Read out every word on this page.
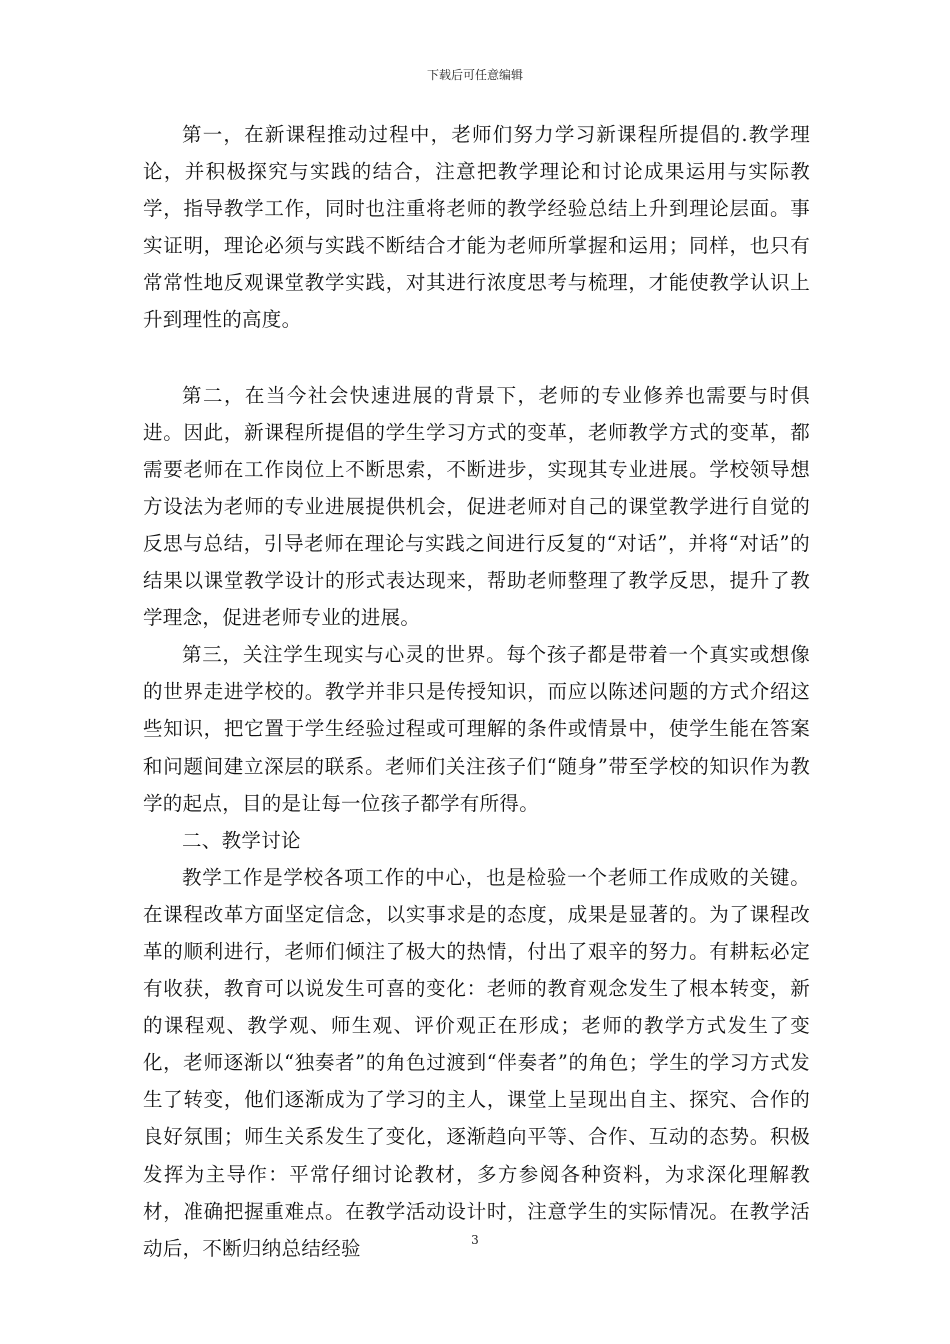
下载后可任意编辑

第一，在新课程推动过程中，老师们努力学习新课程所提倡的.教学理论，并积极探究与实践的结合，注意把教学理论和讨论成果运用与实际教学，指导教学工作，同时也注重将老师的教学经验总结上升到理论层面。事实证明，理论必须与实践不断结合才能为老师所掌握和运用；同样，也只有常常性地反观课堂教学实践，对其进行浓度思考与梳理，才能使教学认识上升到理性的高度。

第二，在当今社会快速进展的背景下，老师的专业修养也需要与时俱进。因此，新课程所提倡的学生学习方式的变革，老师教学方式的变革，都需要老师在工作岗位上不断思索，不断进步，实现其专业进展。学校领导想方设法为老师的专业进展提供机会，促进老师对自己的课堂教学进行自觉的反思与总结，引导老师在理论与实践之间进行反复的“对话”，并将“对话”的结果以课堂教学设计的形式表达现来，帮助老师整理了教学反思，提升了教学理念，促进老师专业的进展。

第三，关注学生现实与心灵的世界。每个孩子都是带着一个真实或想像的世界走进学校的。教学并非只是传授知识，而应以陈述问题的方式介绍这些知识，把它置于学生经验过程或可理解的条件或情景中，使学生能在答案和问题间建立深层的联系。老师们关注孩子们“随身”带至学校的知识作为教学的起点，目的是让每一位孩子都学有所得。

二、教学讨论

教学工作是学校各项工作的中心，也是检验一个老师工作成败的关键。在课程改革方面坚定信念，以实事求是的态度，成果是显著的。为了课程改革的顺利进行，老师们倾注了极大的热情，付出了艰辛的努力。有耕耘必定有收获，教育可以说发生可喜的变化：老师的教育观念发生了根本转变，新的课程观、教学观、师生观、评价观正在形成；老师的教学方式发生了变化，老师逐渐以“独奏者”的角色过渡到“伴奏者”的角色；学生的学习方式发生了转变，他们逐渐成为了学习的主人，课堂上呈现出自主、探究、合作的良好氛围；师生关系发生了变化，逐渐趋向平等、合作、互动的态势。积极发挥为主导作：平常仔细讨论教材，多方参阅各种资料，为求深化理解教材，准确把握重难点。在教学活动设计时，注意学生的实际情况。在教学活动后，不断归纳总结经验	3
